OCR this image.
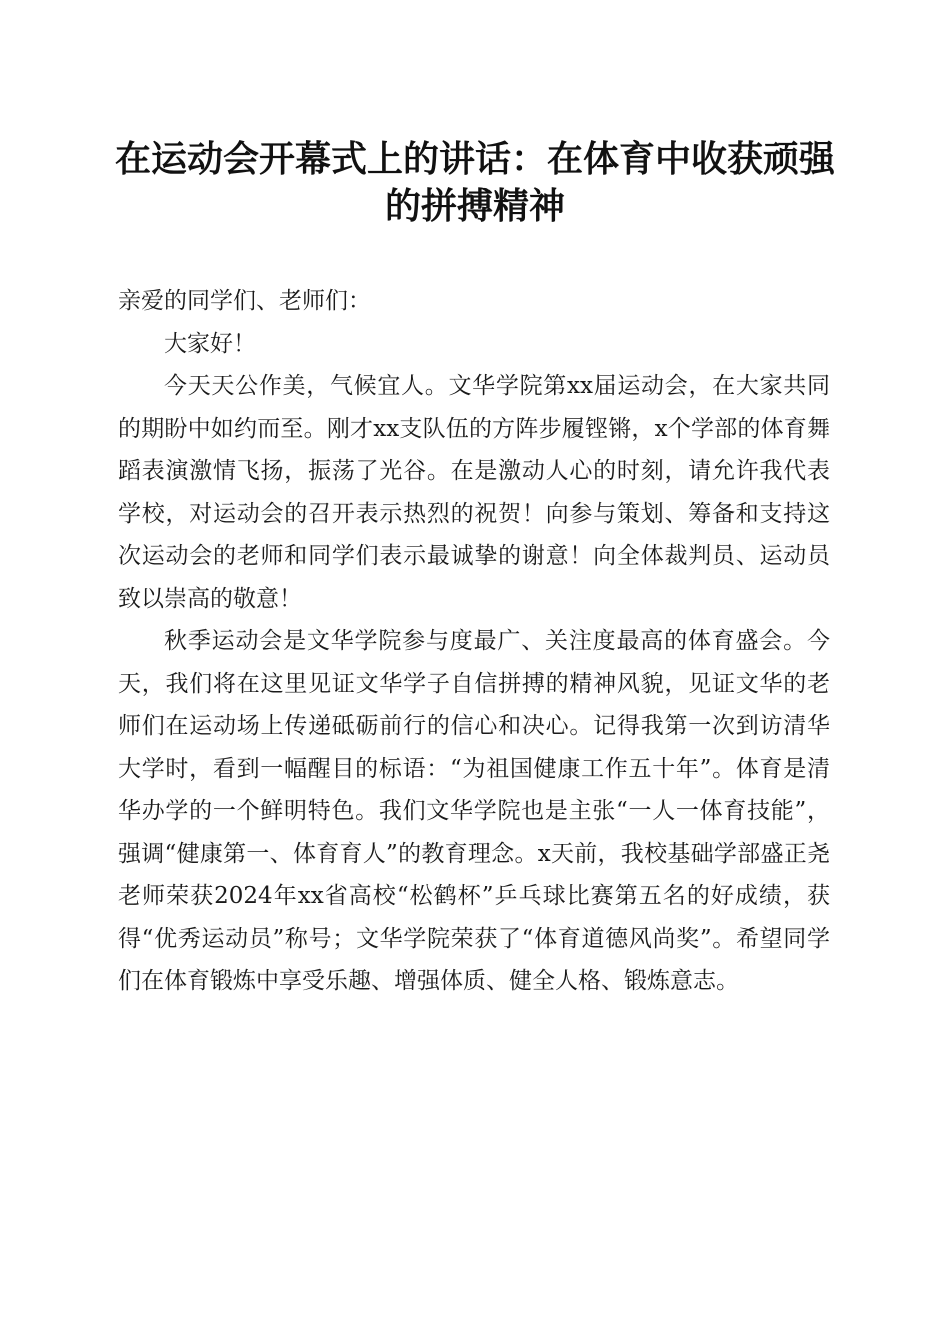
在运动会开幕式上的讲话：在体育中收获顽强的拼搏精神

亲爱的同学们、老师们：

大家好！

今天天公作美，气候宜人。文华学院第xx届运动会，在大家共同的期盼中如约而至。刚才xx支队伍的方阵步履铿锵，x个学部的体育舞蹈表演激情飞扬，振荡了光谷。在是激动人心的时刻，请允许我代表学校，对运动会的召开表示热烈的祝贺！向参与策划、筹备和支持这次运动会的老师和同学们表示最诚挚的谢意！向全体裁判员、运动员致以崇高的敬意！

秋季运动会是文华学院参与度最广、关注度最高的体育盛会。今天，我们将在这里见证文华学子自信拼搏的精神风貌，见证文华的老师们在运动场上传递砥砺前行的信心和决心。记得我第一次到访清华大学时，看到一幅醒目的标语：“为祖国健康工作五十年”。体育是清华办学的一个鲜明特色。我们文华学院也是主张“一人一体育技能”，强调“健康第一、体育育人”的教育理念。x天前，我校基础学部盛正尧老师荣获2024年xx省高校“松鹤杯”乒乓球比赛第五名的好成绩，获得“优秀运动员”称号；文华学院荣获了“体育道德风尚奖”。希望同学们在体育锻炼中享受乐趣、增强体质、健全人格、锻炼意志。
